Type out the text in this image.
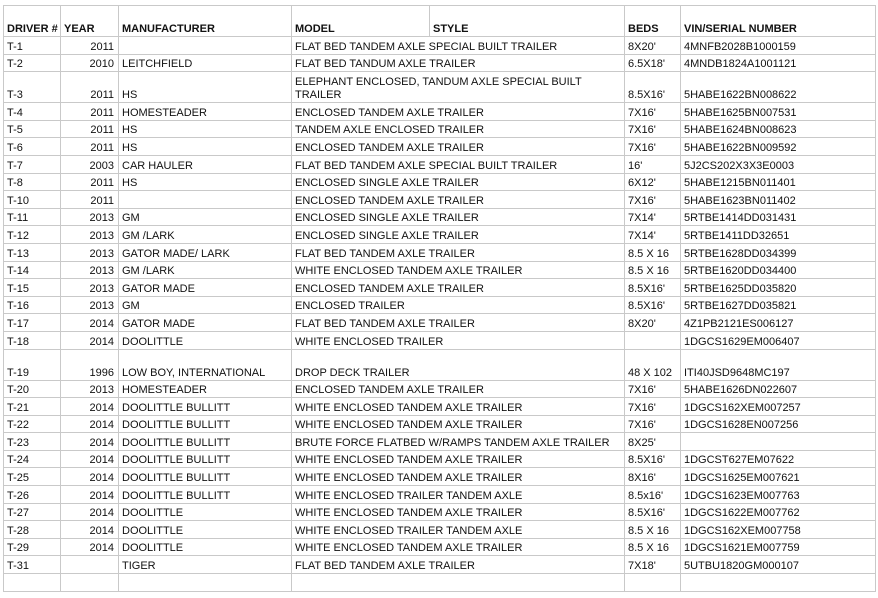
DRIVER #	YEAR	MANUFACTURER	MODEL	STYLE	BEDS	VIN/SERIAL NUMBER	
T-1	2011		FLAT BED TANDEM AXLE SPECIAL BUILT TRAILER		8X20'	4MNFB2028B1000159	
T-2	2010	LEITCHFIELD	FLAT BED TANDUM AXLE TRAILER		6.5X18'	4MNDB1824A1001121	
T-3	2011	HS	ELEPHANT ENCLOSED, TANDUM AXLE SPECIAL BUILT TRAILER		8.5X16'	5HABE1622BN008622	
T-4	2011	HOMESTEADER	ENCLOSED TANDEM AXLE TRAILER		7X16'	5HABE1625BN007531	
T-5	2011	HS	TANDEM AXLE ENCLOSED TRAILER		7X16'	5HABE1624BN008623	
T-6	2011	HS	ENCLOSED TANDEM AXLE TRAILER		7X16'	5HABE1622BN009592	
T-7	2003	CAR HAULER	FLAT BED TANDEM AXLE SPECIAL BUILT TRAILER		16'	5J2CS202X3X3E0003	
T-8	2011	HS	ENCLOSED SINGLE AXLE TRAILER		6X12'	5HABE1215BN011401	
T-10	2011		ENCLOSED TANDEM AXLE TRAILER		7X16'	5HABE1623BN011402	
T-11	2013	GM	ENCLOSED SINGLE AXLE TRAILER		7X14'	5RTBE1414DD031431	
T-12	2013	GM /LARK	ENCLOSED SINGLE AXLE TRAILER		7X14'	5RTBE1411DD32651	
T-13	2013	GATOR MADE/ LARK	FLAT BED TANDEM AXLE TRAILER		8.5 X 16	5RTBE1628DD034399	
T-14	2013	GM /LARK	WHITE ENCLOSED TANDEM AXLE TRAILER		8.5 X 16	5RTBE1620DD034400	
T-15	2013	GATOR MADE	ENCLOSED TANDEM AXLE TRAILER		8.5X16'	5RTBE1625DD035820	
T-16	2013	GM	ENCLOSED TRAILER		8.5X16'	5RTBE1627DD035821	
T-17	2014	GATOR MADE	FLAT BED TANDEM AXLE TRAILER		8X20'	4Z1PB2121ES006127	
T-18	2014	DOOLITTLE	WHITE ENCLOSED TRAILER			1DGCS1629EM006407	
T-19	1996	LOW BOY, INTERNATIONAL	DROP DECK TRAILER		48 X 102	ITI40JSD9648MC197	
T-20	2013	HOMESTEADER	ENCLOSED TANDEM AXLE TRAILER		7X16'	5HABE1626DN022607	
T-21	2014	DOOLITTLE BULLITT	WHITE ENCLOSED TANDEM AXLE TRAILER		7X16'	1DGCS162XEM007257	
T-22	2014	DOOLITTLE BULLITT	WHITE ENCLOSED TANDEM AXLE TRAILER		7X16'	1DGCS1628EN007256	
T-23	2014	DOOLITTLE BULLITT	BRUTE FORCE FLATBED W/RAMPS TANDEM AXLE TRAILER		8X25'		
T-24	2014	DOOLITTLE BULLITT	WHITE ENCLOSED TANDEM AXLE TRAILER		8.5X16'	1DGCST627EM07622	
T-25	2014	DOOLITTLE BULLITT	WHITE ENCLOSED TANDEM AXLE TRAILER		8X16'	1DGCS1625EM007621	
T-26	2014	DOOLITTLE BULLITT	WHITE ENCLOSED TRAILER TANDEM AXLE		8.5x16'	1DGCS1623EM007763	
T-27	2014	DOOLITTLE	WHITE ENCLOSED TANDEM AXLE TRAILER		8.5X16'	1DGCS1622EM007762	
T-28	2014	DOOLITTLE	WHITE ENCLOSED TRAILER TANDEM AXLE		8.5 X 16	1DGCS162XEM007758	
T-29	2014	DOOLITTLE	WHITE ENCLOSED TANDEM AXLE TRAILER		8.5 X 16	1DGCS1621EM007759	
T-31		TIGER	FLAT BED TANDEM AXLE TRAILER		7X18'	5UTBU1820GM000107	
